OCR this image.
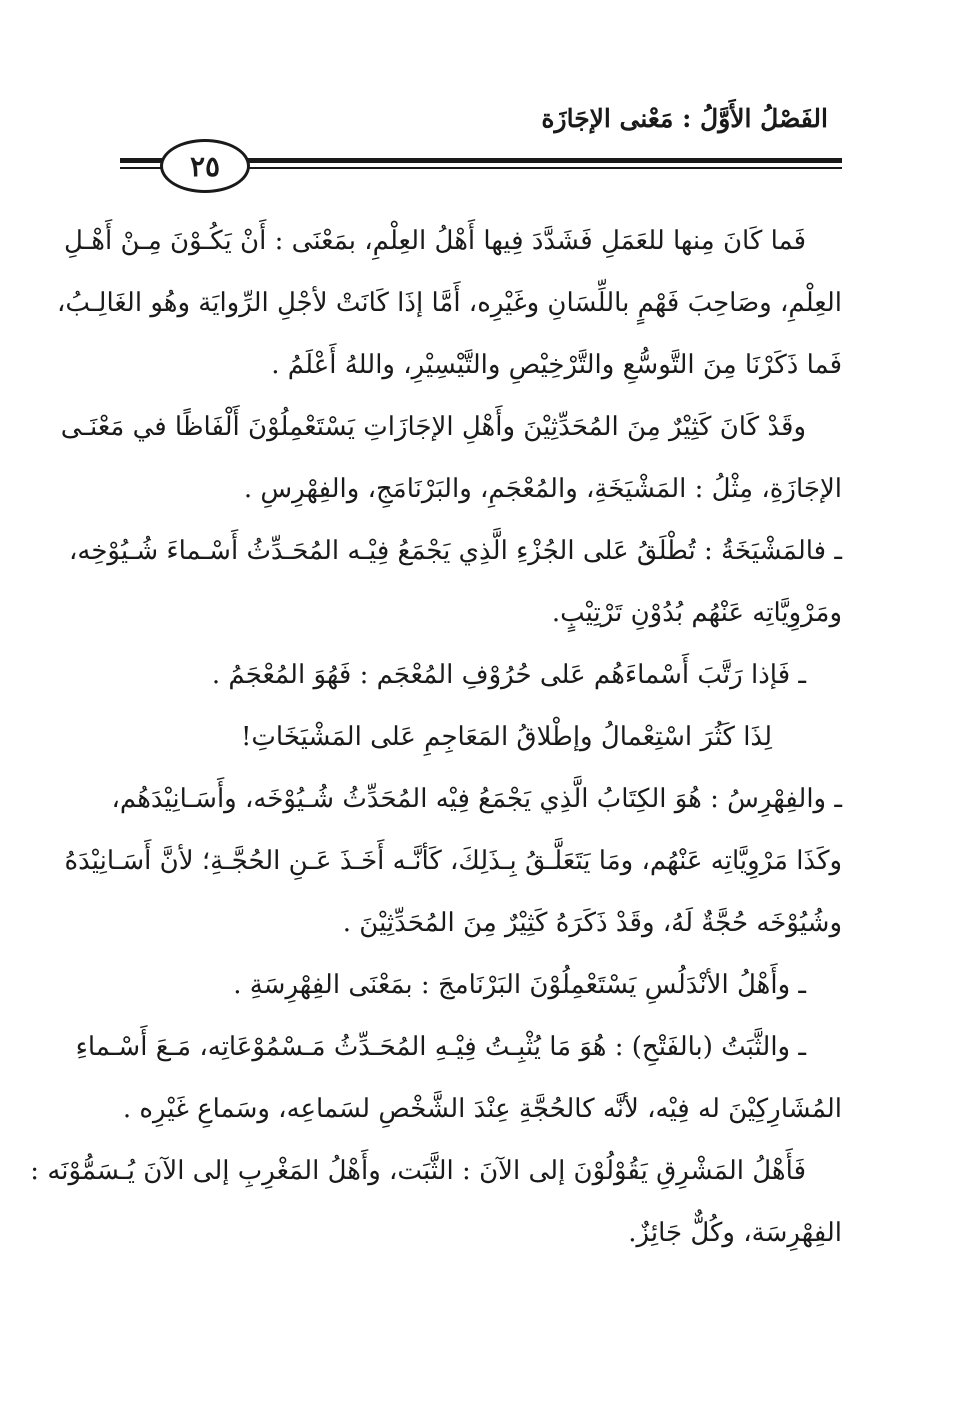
الفَصْلُ الأَوَّلُ : مَعْنى الإجَازَة
٢٥
فَما كَانَ مِنها للعَمَلِ فَشَدَّدَ فِيها أَهْلُ العِلْمِ، بمَعْنَى : أَنْ يَكُـوْنَ مِـنْ أَهْـلِ
العِلْمِ، وصَاحِبَ فَهْمٍ باللِّسَانِ وغَيْرِه، أَمَّا إذَا كَانَتْ لأجْلِ الرِّوايَة وهُو الغَالِـبُ،
فَما ذَكَرْنَا مِنَ التَّوسُّعِ والتَّرْخِيْصِ والتَّيْسِيْرِ، واللهُ أَعْلَمُ .
وقَدْ كَانَ كَثِيْرٌ مِنَ المُحَدِّثِيْنَ وأَهْلِ الإجَازَاتِ يَسْتَعْمِلُوْنَ أَلْفَاظًا في مَعْنَـى
الإجَازَةِ، مِثْلُ : المَشْيَخَةِ، والمُعْجَمِ، والبَرْنَامَجِ، والفِهْرِسِ .
ـ فالمَشْيَخَةُ : تُطْلَقُ عَلى الجُزْءِ الَّذِي يَجْمَعُ فِيْـه المُحَـدِّثُ أَسْـماءَ شُـيُوْخِه،
ومَرْوِيَّاتِه عَنْهُم بُدُوْنِ تَرْتِيْبٍ.
ـ فَإذا رَتَّبَ أَسْماءَهُم عَلى حُرُوْفِ المُعْجَم : فَهُوَ المُعْجَمُ .
لِذَا كَثُرَ اسْتِعْمالُ وإطْلاقُ المَعَاجِمِ عَلى المَشْيَخَاتِ!
ـ والفِهْرِسُ : هُوَ الكِتَابُ الَّذِي يَجْمَعُ فِيْه المُحَدِّثُ شُـيُوْخَه، وأَسَـانِيْدَهُم،
وكَذَا مَرْوِيَّاتِه عَنْهُم، ومَا يَتَعَلَّـقُ بِـذَلِكَ، كَأنَّـه أَخَـذَ عَـنِ الحُجَّـةِ؛ لأنَّ أَسَـانِيْدَهُ
وشُيُوْخَه حُجَّةٌ لَهُ، وقَدْ ذَكَرَهُ كَثِيْرٌ مِنَ المُحَدِّثِيْنَ .
ـ وأَهْلُ الأنْدَلُسِ يَسْتَعْمِلُوْنَ البَرْنَامجَ : بمَعْنَى الفِهْرِسَةِ .
ـ والثَّبَتُ (بالفَتْحِ) : هُوَ مَا يُثْبِـتُ فِيْـهِ المُحَـدِّثُ مَـسْمُوْعَاتِه، مَـعَ أَسْـماءِ
المُشَارِكِيْنَ له فِيْه، لأنَّه كالحُجَّةِ عِنْدَ الشَّخْصِ لسَماعِه، وسَماعِ غَيْرِه .
فَأَهْلُ المَشْرِقِ يَقُوْلُوْنَ إلى الآنَ : الثَّبَت، وأَهْلُ المَغْرِبِ إلى الآنَ يُـسَمُّوْنَه :
الفِهْرِسَة، وكُلٌّ جَائِزٌ.
